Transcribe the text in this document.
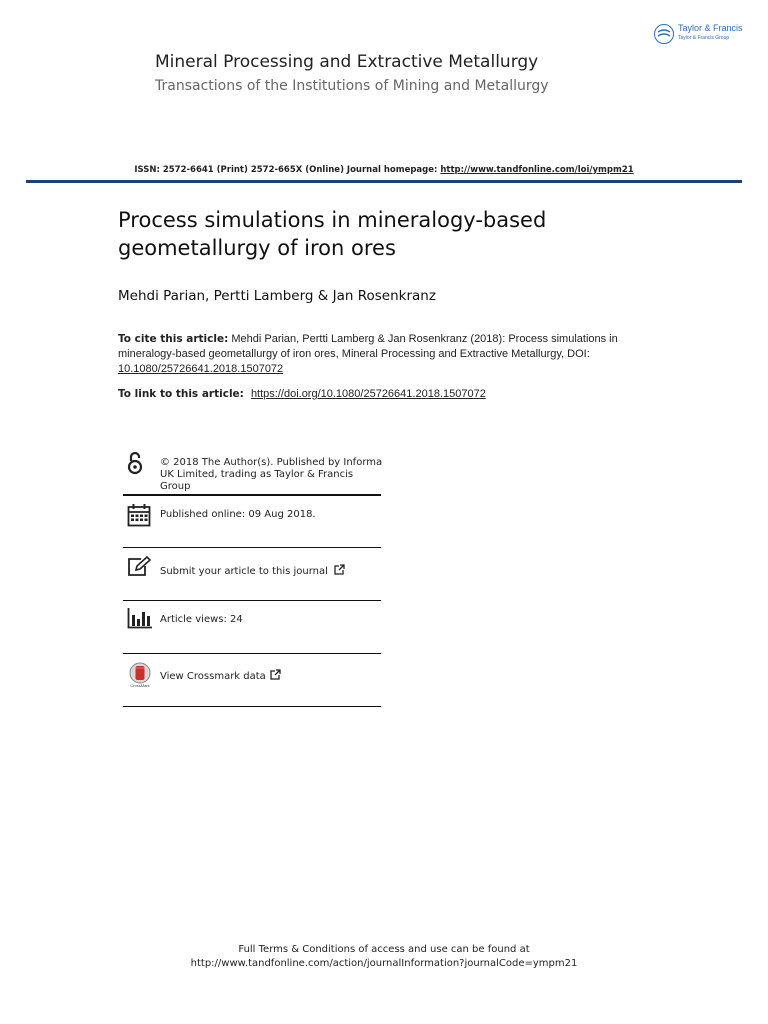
Taylor & Francis
Taylor & Francis Group
Mineral Processing and Extractive Metallurgy
Transactions of the Institutions of Mining and Metallurgy
ISSN: 2572-6641 (Print) 2572-665X (Online) Journal homepage: http://www.tandfonline.com/loi/ympm21
Process simulations in mineralogy-based geometallurgy of iron ores
Mehdi Parian, Pertti Lamberg & Jan Rosenkranz
To cite this article: Mehdi Parian, Pertti Lamberg & Jan Rosenkranz (2018): Process simulations in mineralogy-based geometallurgy of iron ores, Mineral Processing and Extractive Metallurgy, DOI: 10.1080/25726641.2018.1507072
To link to this article: https://doi.org/10.1080/25726641.2018.1507072
© 2018 The Author(s). Published by Informa
UK Limited, trading as Taylor & Francis
Group
Published online: 09 Aug 2018.
Submit your article to this journal
Article views: 24
CrossMark
View Crossmark data
Full Terms & Conditions of access and use can be found at
http://www.tandfonline.com/action/journalInformation?journalCode=ympm21
